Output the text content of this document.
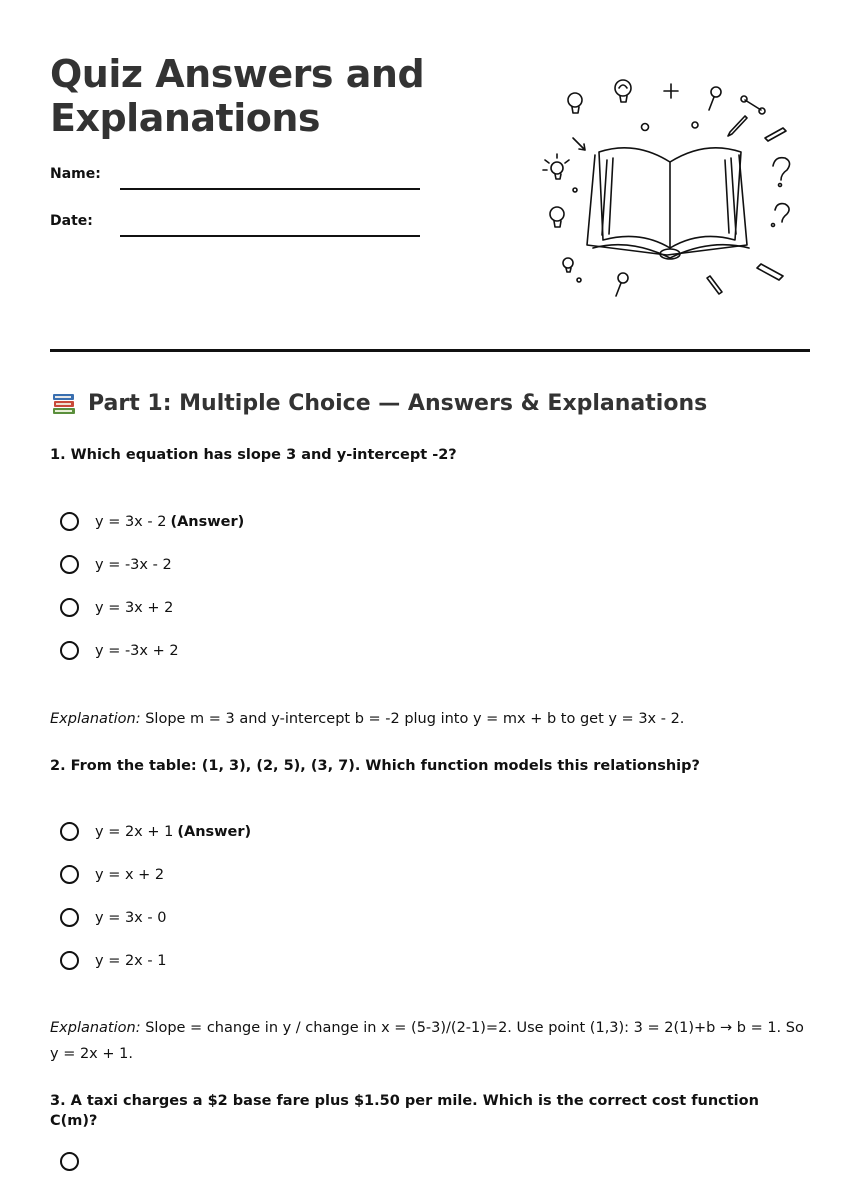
Quiz Answers and Explanations
Name:
Date:
Part 1: Multiple Choice — Answers & Explanations

1. Which equation has slope 3 and y-intercept -2?

y = 3x - 2 (Answer)
y = -3x - 2
y = 3x + 2
y = -3x + 2

Explanation: Slope m = 3 and y-intercept b = -2 plug into y = mx + b to get y = 3x - 2.

2. From the table: (1, 3), (2, 5), (3, 7). Which function models this relationship?

y = 2x + 1 (Answer)
y = x + 2
y = 3x - 0
y = 2x - 1

Explanation: Slope = change in y / change in x = (5-3)/(2-1)=2. Use point (1,3): 3 = 2(1)+b → b = 1. So y = 2x + 1.

3. A taxi charges a $2 base fare plus $1.50 per mile. Which is the correct cost function C(m)?
